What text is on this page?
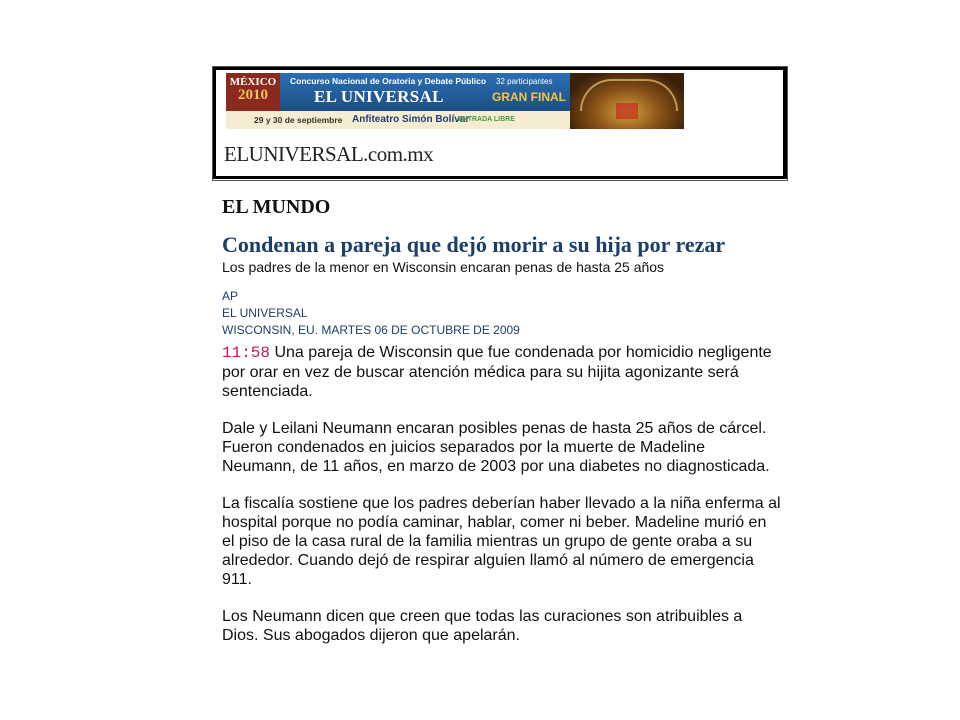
MÉXICO
2010
Concurso Nacional de Oratoria y Debate Público
EL UNIVERSAL
32 participantes
GRAN FINAL
29 y 30 de septiembre Anfiteatro Simón Bolívar
ENTRADA LIBRE
ELUNIVERSAL.com.mx
EL MUNDO
Condenan a pareja que dejó morir a su hija por rezar
Los padres de la menor en Wisconsin encaran penas de hasta 25 años
AP
EL UNIVERSAL
WISCONSIN, EU. MARTES 06 DE OCTUBRE DE 2009

11:58 Una pareja de Wisconsin que fue condenada por homicidio negligente por orar en vez de buscar atención médica para su hijita agonizante será sentenciada.

Dale y Leilani Neumann encaran posibles penas de hasta 25 años de cárcel.

Fueron condenados en juicios separados por la muerte de Madeline Neumann, de 11 años, en marzo de 2003 por una diabetes no diagnosticada.

La fiscalía sostiene que los padres deberían haber llevado a la niña enferma al hospital porque no podía caminar, hablar, comer ni beber. Madeline murió en el piso de la casa rural de la familia mientras un grupo de gente oraba a su alrededor. Cuando dejó de respirar alguien llamó al número de emergencia 911.

Los Neumann dicen que creen que todas las curaciones son atribuibles a Dios. Sus abogados dijeron que apelarán.
